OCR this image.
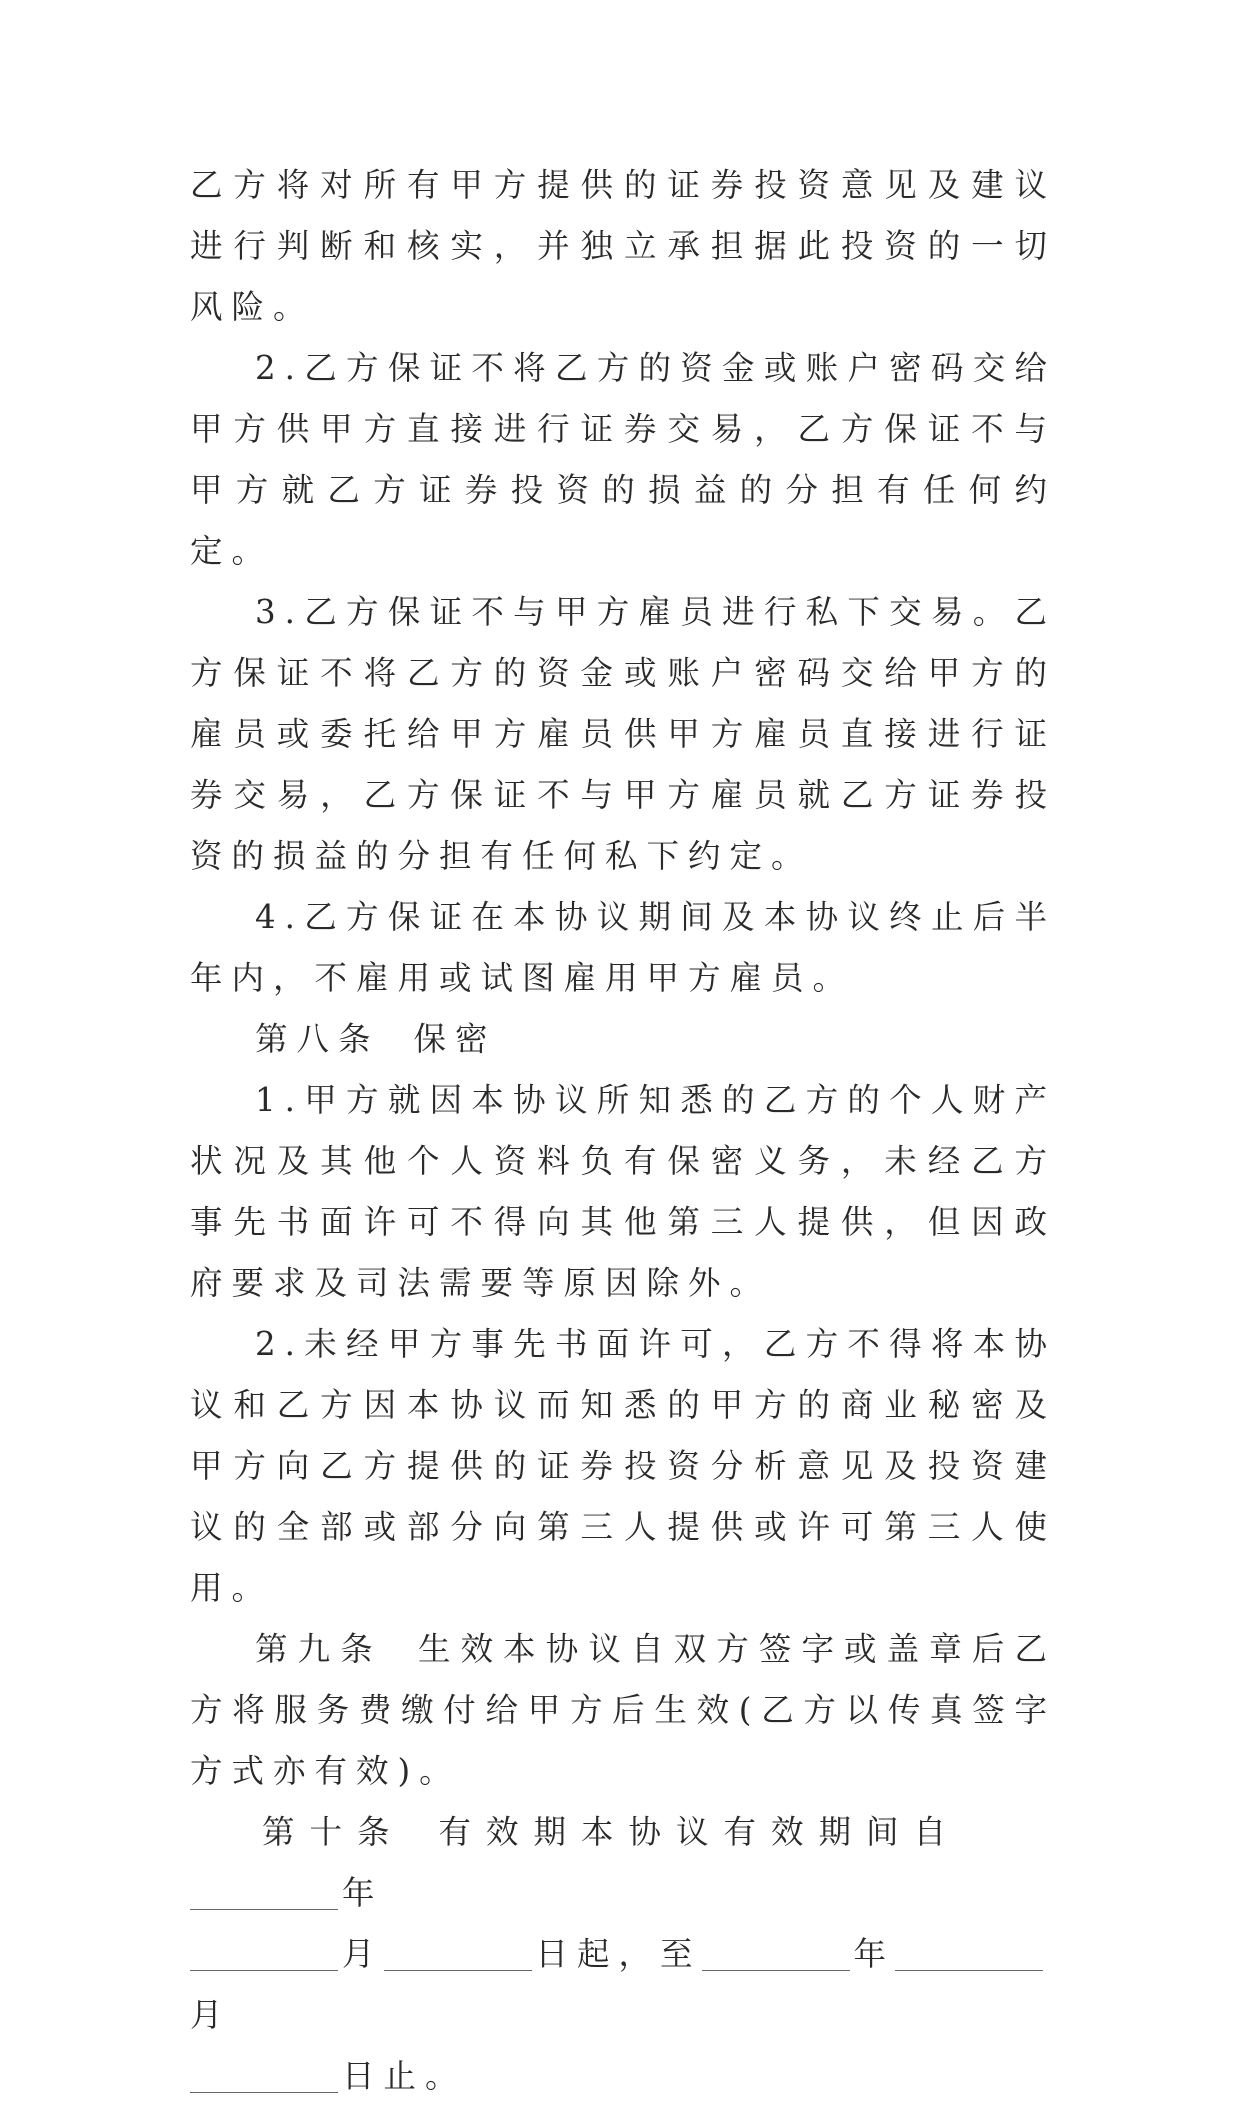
乙方将对所有甲方提供的证券投资意见及建议进行判断和核实，并独立承担据此投资的一切风险。

2.乙方保证不将乙方的资金或账户密码交给甲方供甲方直接进行证券交易，乙方保证不与甲方就乙方证券投资的损益的分担有任何约定。

3.乙方保证不与甲方雇员进行私下交易。乙方保证不将乙方的资金或账户密码交给甲方的雇员或委托给甲方雇员供甲方雇员直接进行证券交易，乙方保证不与甲方雇员就乙方证券投资的损益的分担有任何私下约定。

4.乙方保证在本协议期间及本协议终止后半年内，不雇用或试图雇用甲方雇员。

第八条 保密

1.甲方就因本协议所知悉的乙方的个人财产状况及其他个人资料负有保密义务，未经乙方事先书面许可不得向其他第三人提供，但因政府要求及司法需要等原因除外。

2.未经甲方事先书面许可，乙方不得将本协议和乙方因本协议而知悉的甲方的商业秘密及甲方向乙方提供的证券投资分析意见及投资建议的全部或部分向第三人提供或许可第三人使用。

第九条 生效本协议自双方签字或盖章后乙方将服务费缴付给甲方后生效(乙方以传真签字方式亦有效)。

第十条 有效期本协议有效期间自年

月	日起，至	年月

日止。
